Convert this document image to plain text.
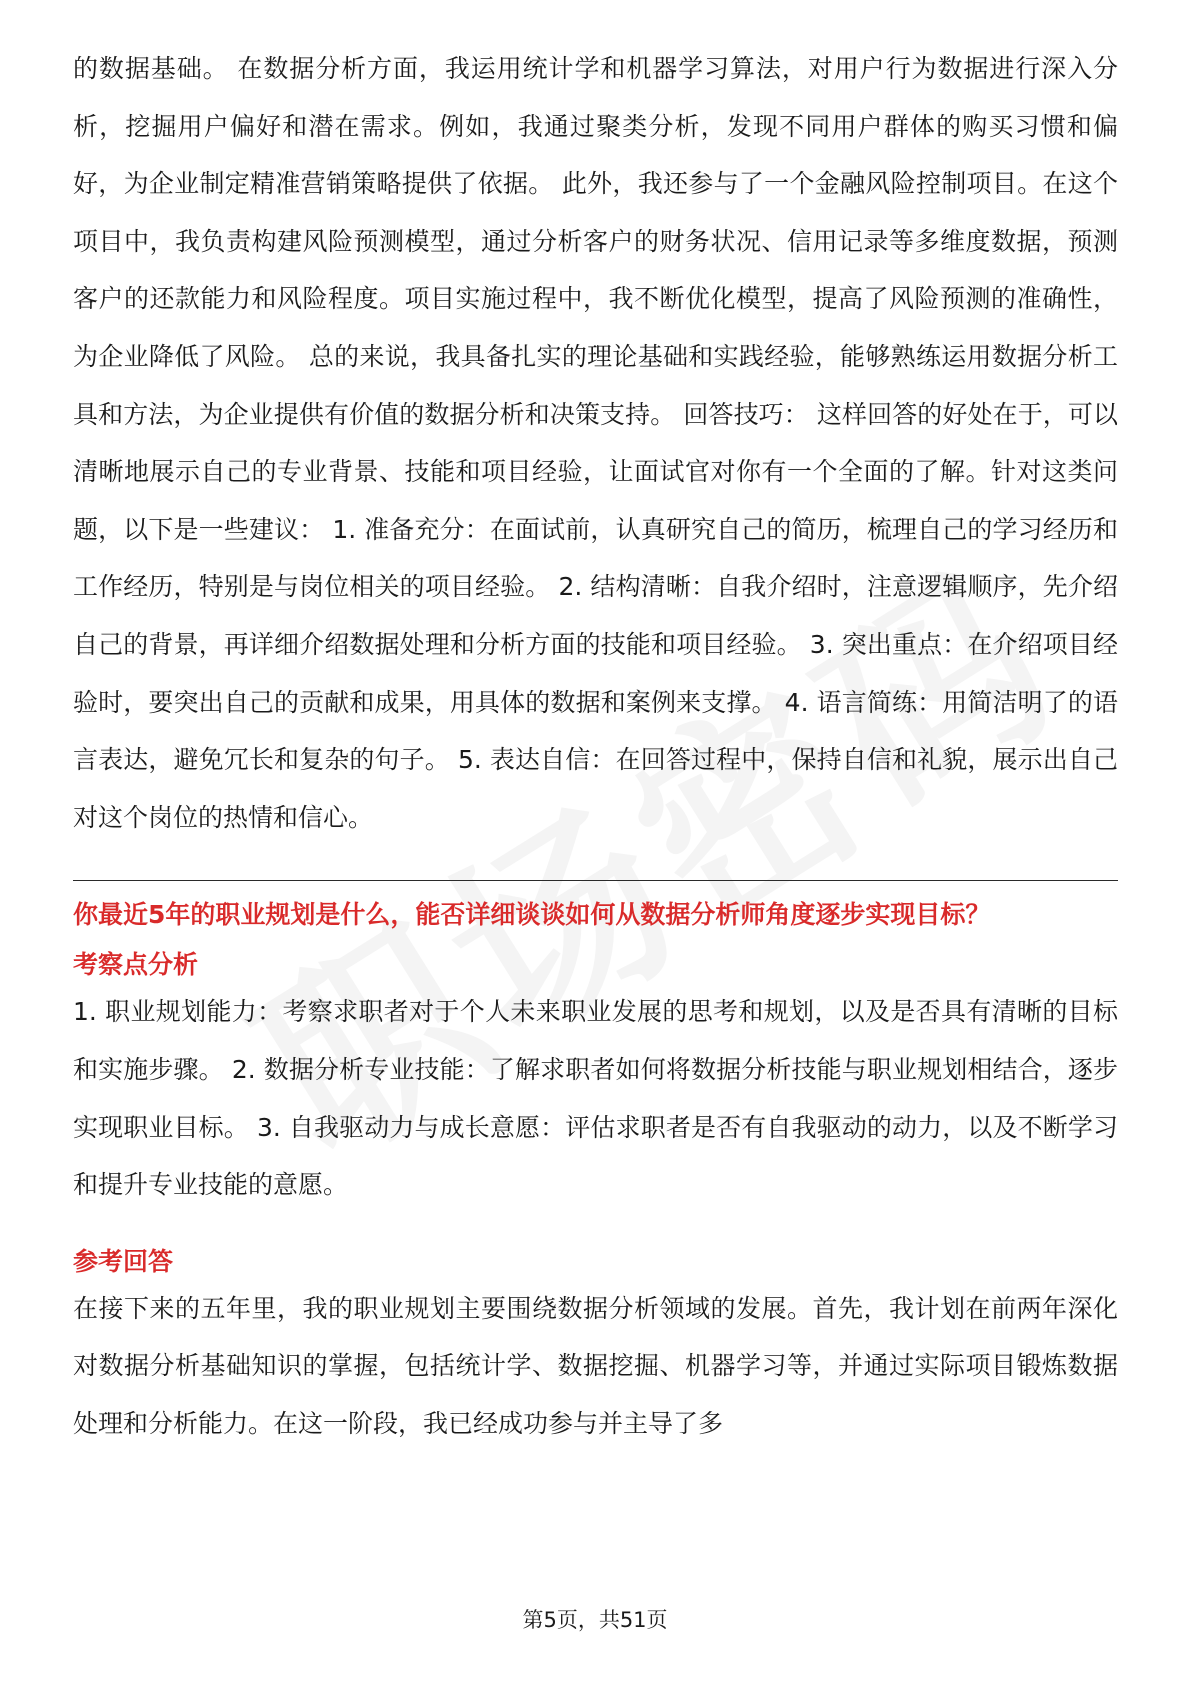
的数据基础。 在数据分析方面，我运用统计学和机器学习算法，对用户行为数据进行深入分析，挖掘用户偏好和潜在需求。例如，我通过聚类分析，发现不同用户群体的购买习惯和偏好，为企业制定精准营销策略提供了依据。 此外，我还参与了一个金融风险控制项目。在这个项目中，我负责构建风险预测模型，通过分析客户的财务状况、信用记录等多维度数据，预测客户的还款能力和风险程度。项目实施过程中，我不断优化模型，提高了风险预测的准确性，为企业降低了风险。 总的来说，我具备扎实的理论基础和实践经验，能够熟练运用数据分析工具和方法，为企业提供有价值的数据分析和决策支持。 回答技巧： 这样回答的好处在于，可以清晰地展示自己的专业背景、技能和项目经验，让面试官对你有一个全面的了解。针对这类问题，以下是一些建议： 1. 准备充分：在面试前，认真研究自己的简历，梳理自己的学习经历和工作经历，特别是与岗位相关的项目经验。 2. 结构清晰：自我介绍时，注意逻辑顺序，先介绍自己的背景，再详细介绍数据处理和分析方面的技能和项目经验。 3. 突出重点：在介绍项目经验时，要突出自己的贡献和成果，用具体的数据和案例来支撑。 4. 语言简练：用简洁明了的语言表达，避免冗长和复杂的句子。 5. 表达自信：在回答过程中，保持自信和礼貌，展示出自己对这个岗位的热情和信心。

你最近5年的职业规划是什么，能否详细谈谈如何从数据分析师角度逐步实现目标？

考察点分析

1. 职业规划能力：考察求职者对于个人未来职业发展的思考和规划，以及是否具有清晰的目标和实施步骤。 2. 数据分析专业技能：了解求职者如何将数据分析技能与职业规划相结合，逐步实现职业目标。 3. 自我驱动力与成长意愿：评估求职者是否有自我驱动的动力，以及不断学习和提升专业技能的意愿。

参考回答

在接下来的五年里，我的职业规划主要围绕数据分析领域的发展。首先，我计划在前两年深化对数据分析基础知识的掌握，包括统计学、数据挖掘、机器学习等，并通过实际项目锻炼数据处理和分析能力。在这一阶段，我已经成功参与并主导了多

第5页，共51页
